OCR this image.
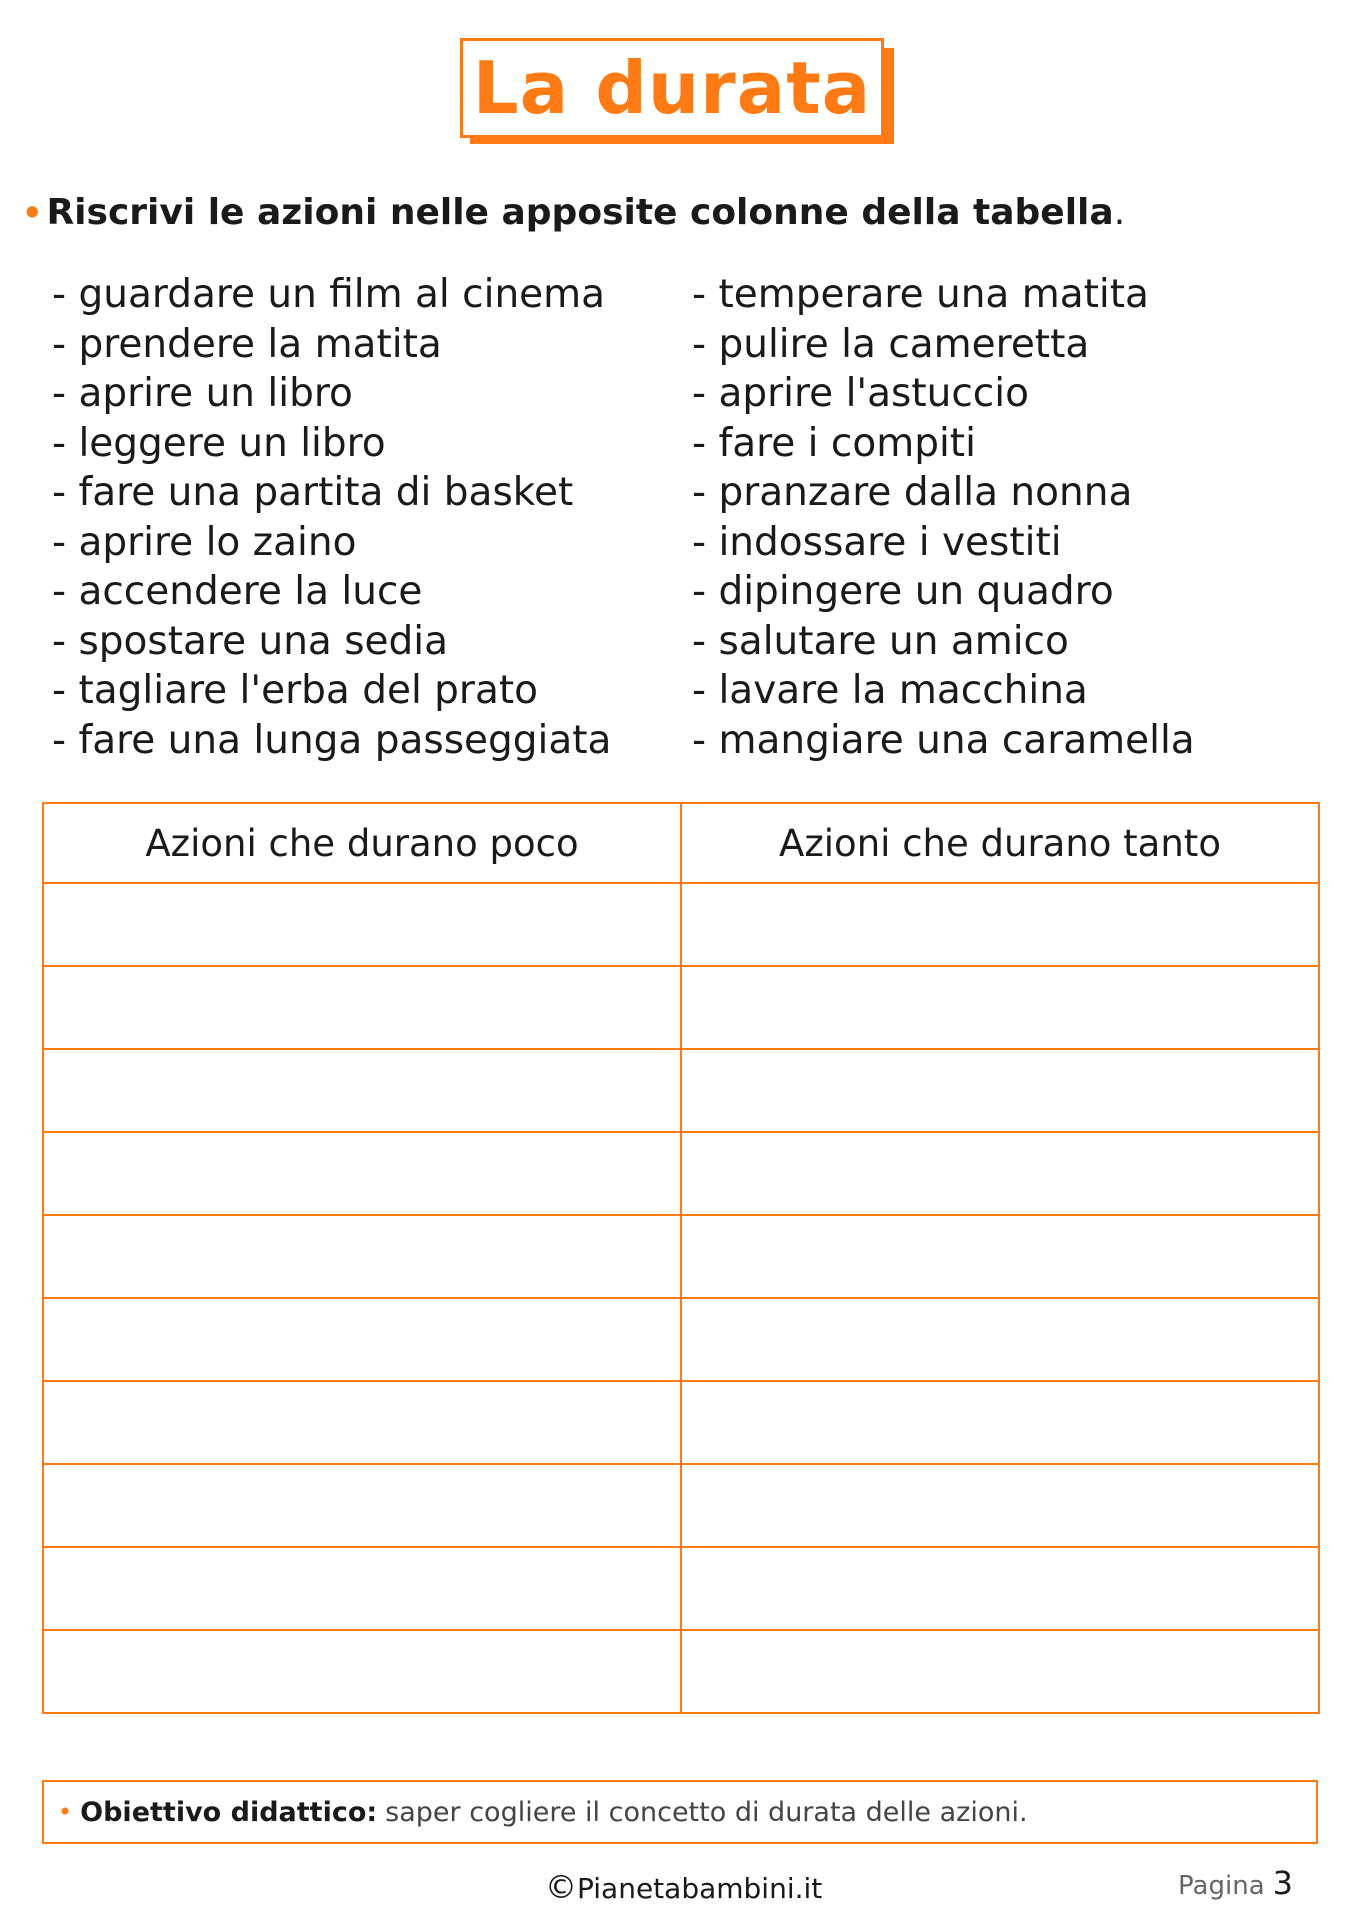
La durata
• Riscrivi le azioni nelle apposite colonne della tabella.
- guardare un film al cinema
- prendere la matita
- aprire un libro
- leggere un libro
- fare una partita di basket
- aprire lo zaino
- accendere la luce
- spostare una sedia
- tagliare l'erba del prato
- fare una lunga passeggiata
- temperare una matita
- pulire la cameretta
- aprire l'astuccio
- fare i compiti
- pranzare dalla nonna
- indossare i vestiti
- dipingere un quadro
- salutare un amico
- lavare la macchina
- mangiare una caramella
Azioni che durano poco	Azioni che durano tanto

• Obiettivo didattico: saper cogliere il concetto di durata delle azioni.
©Pianetabambini.it	Pagina 3
